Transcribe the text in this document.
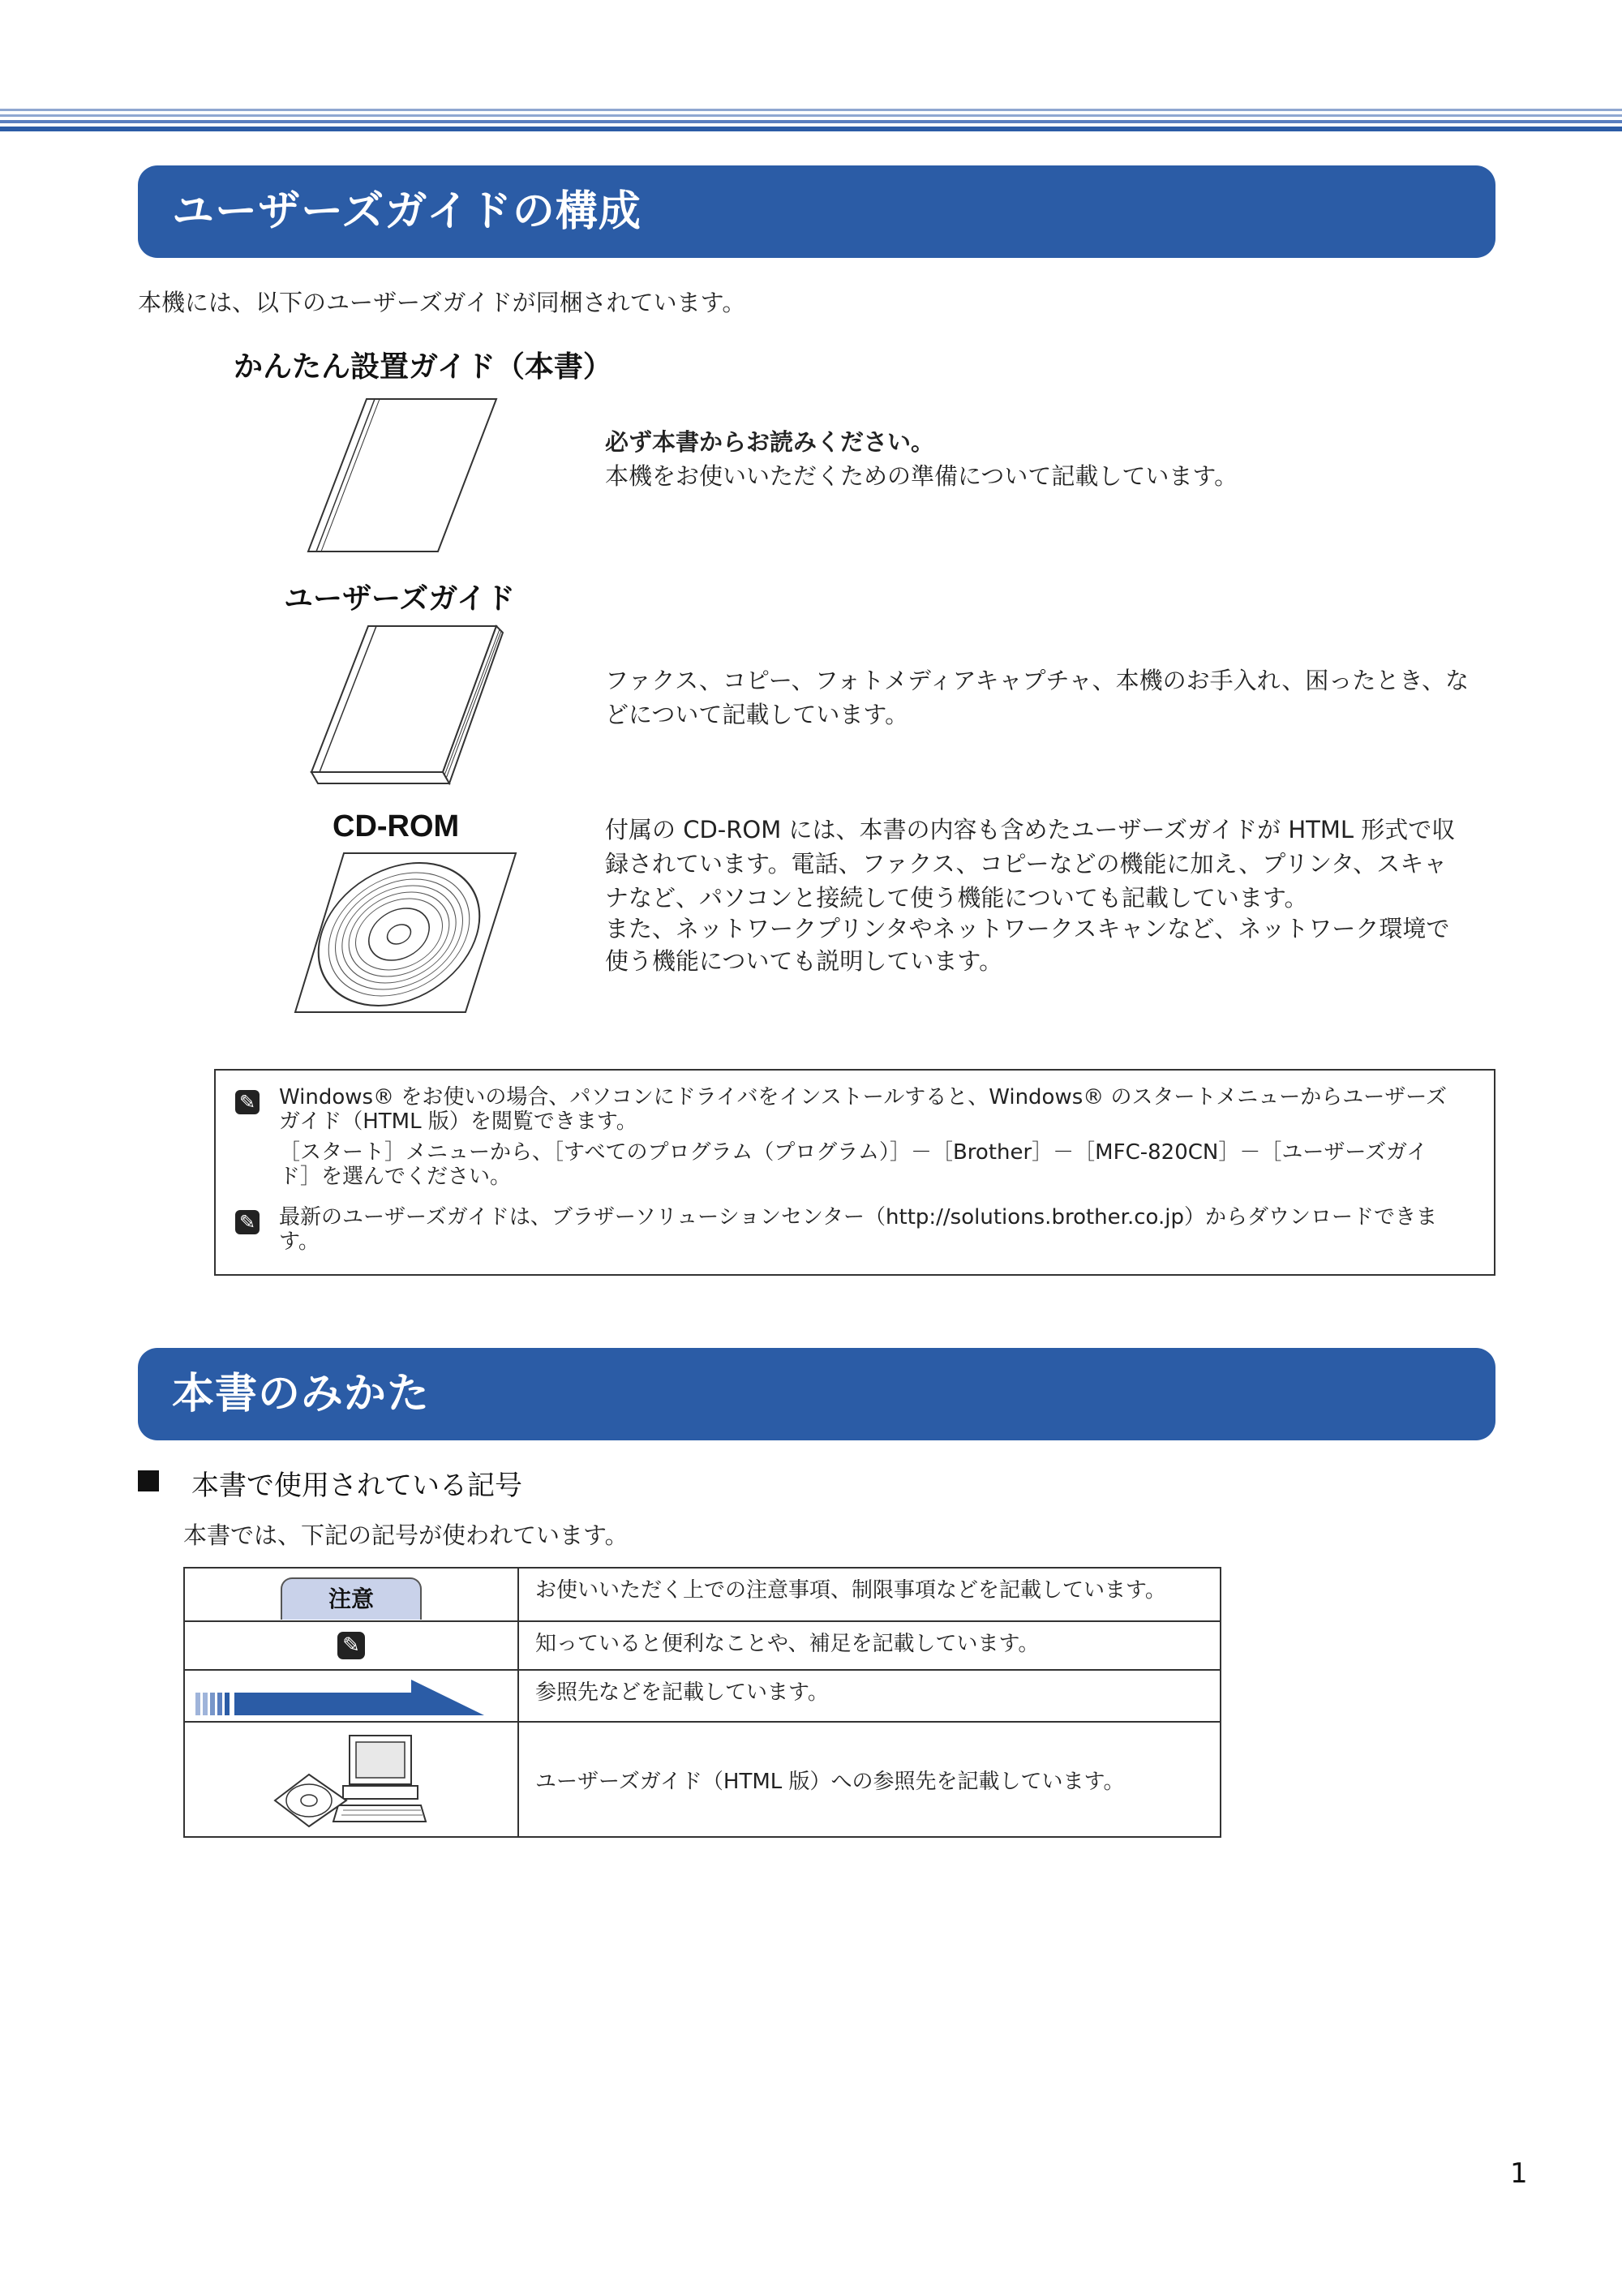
ユーザーズガイドの構成
本機には、以下のユーザーズガイドが同梱されています。
かんたん設置ガイド（本書）
必ず本書からお読みください。
本機をお使いいただくための準備について記載しています。
ユーザーズガイド
ファクス、コピー、フォトメディアキャプチャ、本機のお手入れ、困ったとき、な
どについて記載しています。
CD-ROM	付属の CD-ROM には、本書の内容も含めたユーザーズガイドが HTML 形式で収
録されています。電話、ファクス、コピーなどの機能に加え、プリンタ、スキャ
ナなど、パソコンと接続して使う機能についても記載しています。
また、ネットワークプリンタやネットワークスキャンなど、ネットワーク環境で
使う機能についても説明しています。
✎ Windows® をお使いの場合、パソコンにドライバをインストールすると、Windows® のスタートメニューからユーザーズ
ガイド（HTML 版）を閲覧できます。
［スタート］メニューから、［すべてのプログラム（プログラム）］－［Brother］－［MFC-820CN］－［ユーザーズガイ
ド］を選んでください。
✎ 最新のユーザーズガイドは、ブラザーソリューションセンター（http://solutions.brother.co.jp）からダウンロードできま
す。
本書のみかた
本書で使用されている記号
本書では、下記の記号が使われています。
注意	お使いいただく上での注意事項、制限事項などを記載しています。
✎	知っていると便利なことや、補足を記載しています。

	参照先などを記載しています。

	ユーザーズガイド（HTML 版）への参照先を記載しています。
1
